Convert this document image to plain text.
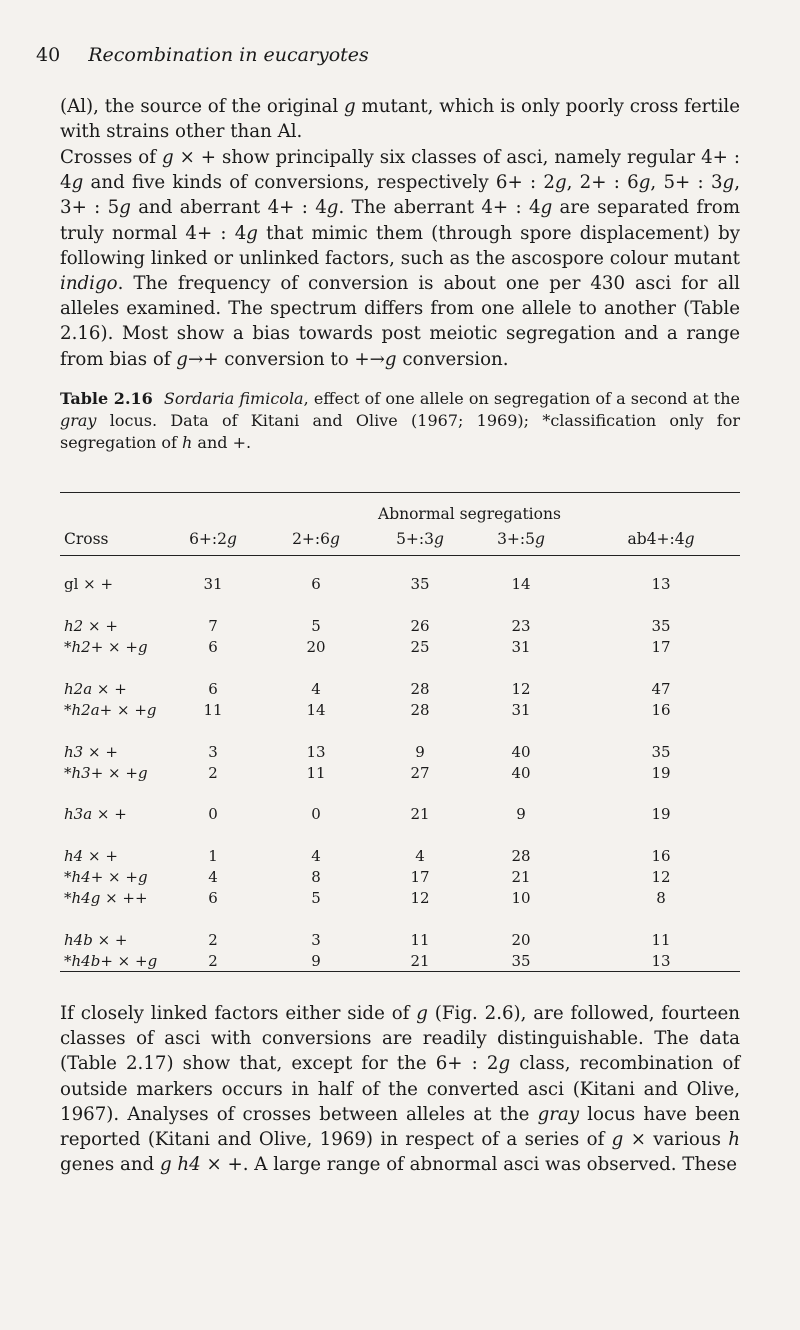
40 Recombination in eucaryotes

(Al), the source of the original g mutant, which is only poorly cross fertile with strains other than Al.

Crosses of g × + show principally six classes of asci, namely regular 4+ : 4g and five kinds of conversions, respectively 6+ : 2g, 2+ : 6g, 5+ : 3g, 3+ : 5g and aberrant 4+ : 4g. The aberrant 4+ : 4g are separated from truly normal 4+ : 4g that mimic them (through spore displacement) by following linked or unlinked factors, such as the ascospore colour mutant indigo. The frequency of conversion is about one per 430 asci for all alleles examined. The spectrum differs from one allele to another (Table 2.16). Most show a bias towards post meiotic segregation and a range from bias of g→+ conversion to +→g conversion.

Table 2.16 Sordaria fimicola, effect of one allele on segregation of a second at the gray locus. Data of Kitani and Olive (1967; 1969); *classification only for segregation of h and +.

Abnormal segregations
Cross	6+:2g	2+:6g	5+:3g	3+:5g	ab4+:4g
gl × +	31	6	35	14	13
h2 × +	7	5	26	23	35
*h2+ × +g	6	20	25	31	17
h2a × +	6	4	28	12	47
*h2a+ × +g	11	14	28	31	16
h3 × +	3	13	9	40	35
*h3+ × +g	2	11	27	40	19
h3a × +	0	0	21	9	19
h4 × +	1	4	4	28	16
*h4+ × +g	4	8	17	21	12
*h4g × ++	6	5	12	10	8
h4b × +	2	3	11	20	11
*h4b+ × +g	2	9	21	35	13

If closely linked factors either side of g (Fig. 2.6), are followed, fourteen classes of asci with conversions are readily distinguishable. The data (Table 2.17) show that, except for the 6+ : 2g class, recombination of outside markers occurs in half of the converted asci (Kitani and Olive, 1967). Analyses of crosses between alleles at the gray locus have been reported (Kitani and Olive, 1969) in respect of a series of g × various h genes and g h4 × +. A large range of abnormal asci was observed. These
